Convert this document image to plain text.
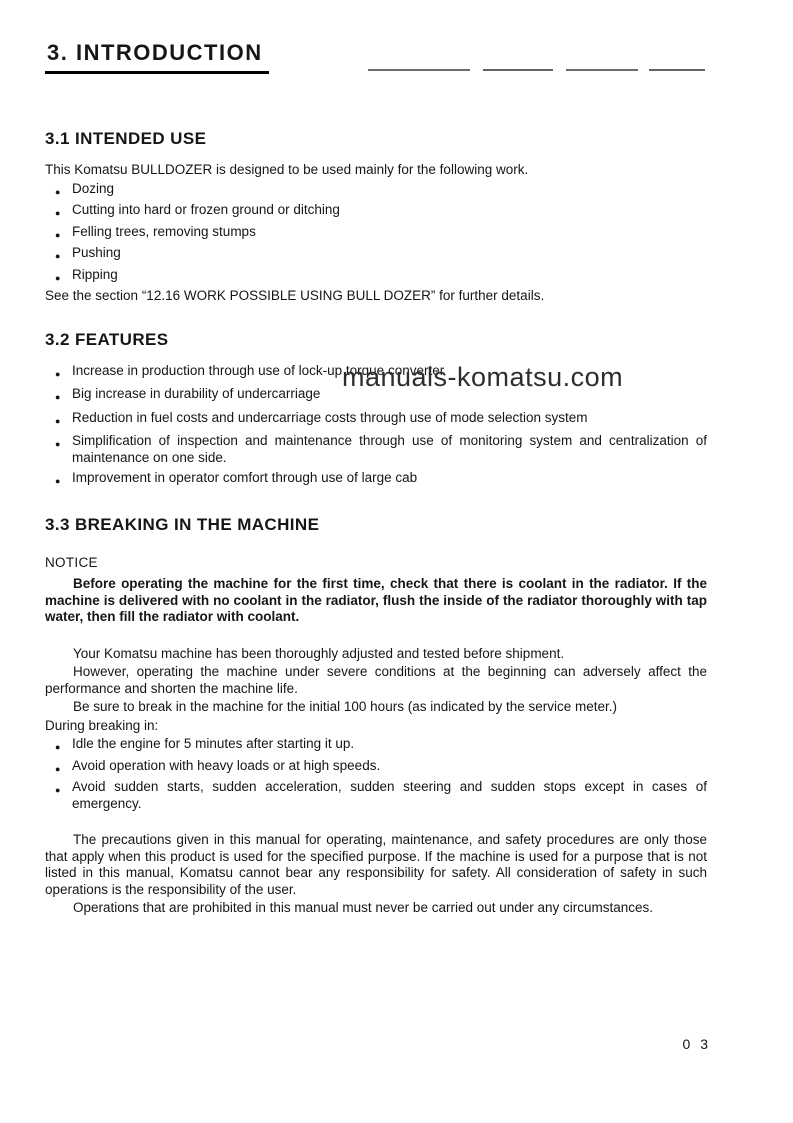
3. INTRODUCTION
manuals-komatsu.com
3.1 INTENDED USE

This Komatsu BULLDOZER is designed to be used mainly for the following work.

● Dozing
● Cutting into hard or frozen ground or ditching
● Felling trees, removing stumps
● Pushing
● Ripping

See the section “12.16 WORK POSSIBLE USING BULL DOZER” for further details.

3.2 FEATURES
● Increase in production through use of lock-up torque converter
● Big increase in durability of undercarriage
● Reduction in fuel costs and undercarriage costs through use of mode selection system
● Simplification of inspection and maintenance through use of monitoring system and centralization of maintenance on one side.
● Improvement in operator comfort through use of large cab
3.3 BREAKING IN THE MACHINE

NOTICE

Before operating the machine for the first time, check that there is coolant in the radiator. If the machine is delivered with no coolant in the radiator, flush the inside of the radiator thoroughly with tap water, then fill the radiator with coolant.

Your Komatsu machine has been thoroughly adjusted and tested before shipment.

However, operating the machine under severe conditions at the beginning can adversely affect the performance and shorten the machine life.

Be sure to break in the machine for the initial 100 hours (as indicated by the service meter.)

During breaking in:

● Idle the engine for 5 minutes after starting it up.
● Avoid operation with heavy loads or at high speeds.
● Avoid sudden starts, sudden acceleration, sudden steering and sudden stops except in cases of emergency.

The precautions given in this manual for operating, maintenance, and safety procedures are only those that apply when this product is used for the specified purpose. If the machine is used for a purpose that is not listed in this manual, Komatsu cannot bear any responsibility for safety. All consideration of safety in such operations is the responsibility of the user.

Operations that are prohibited in this manual must never be carried out under any circumstances.

0 3
